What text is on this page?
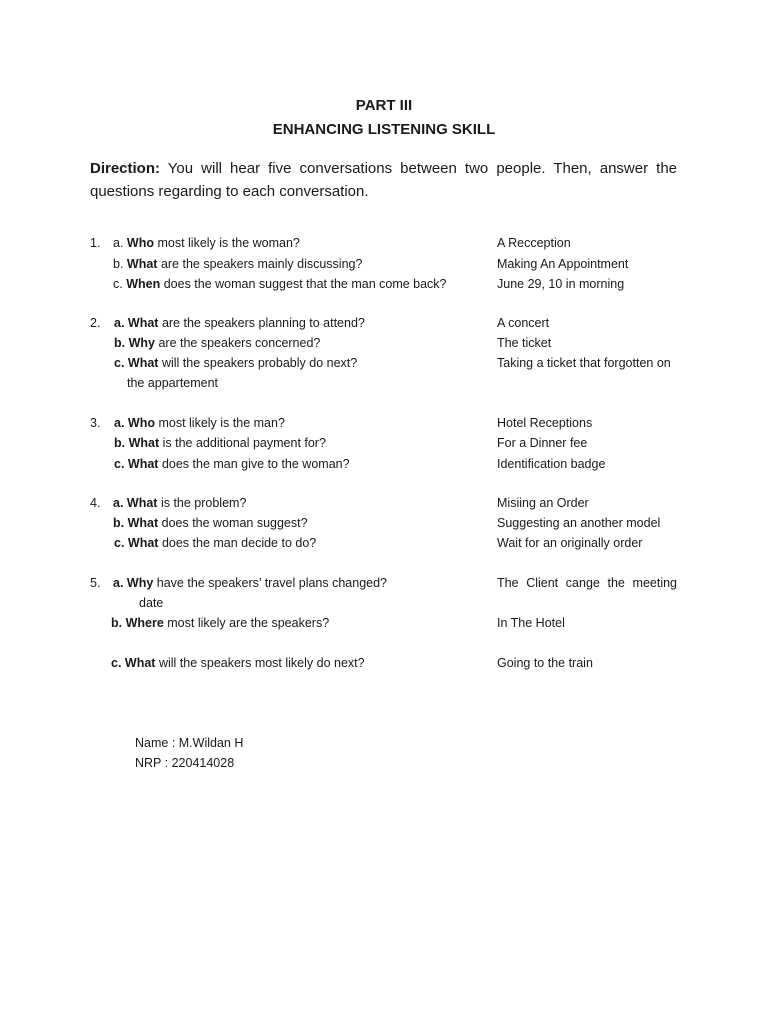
PART III
ENHANCING LISTENING SKILL
Direction: You will hear five conversations between two people. Then, answer the questions regarding to each conversation.
1. a. Who most likely is the woman?	A Recception
b. What are the speakers mainly discussing?	Making An Appointment
c. When does the woman suggest that the man come back?	June 29, 10 in morning
2. a. What are the speakers planning to attend?	A concert
b. Why are the speakers concerned?	The ticket
c. What will the speakers probably do next?	Taking a ticket that forgotten on
the appartement
3. a. Who most likely is the man?	Hotel Receptions
b. What is the additional payment for?	For a Dinner fee
c. What does the man give to the woman?	Identification badge
4. a. What is the problem?	Misiing an Order
b. What does the woman suggest?	Suggesting an another model
c. What does the man decide to do?	Wait for an originally order
5. a. Why have the speakers’ travel plans changed?	The Client cange the meeting
date
b. Where most likely are the speakers?	In The Hotel
c. What will the speakers most likely do next?	Going to the train
Name : M.Wildan H
NRP : 220414028
